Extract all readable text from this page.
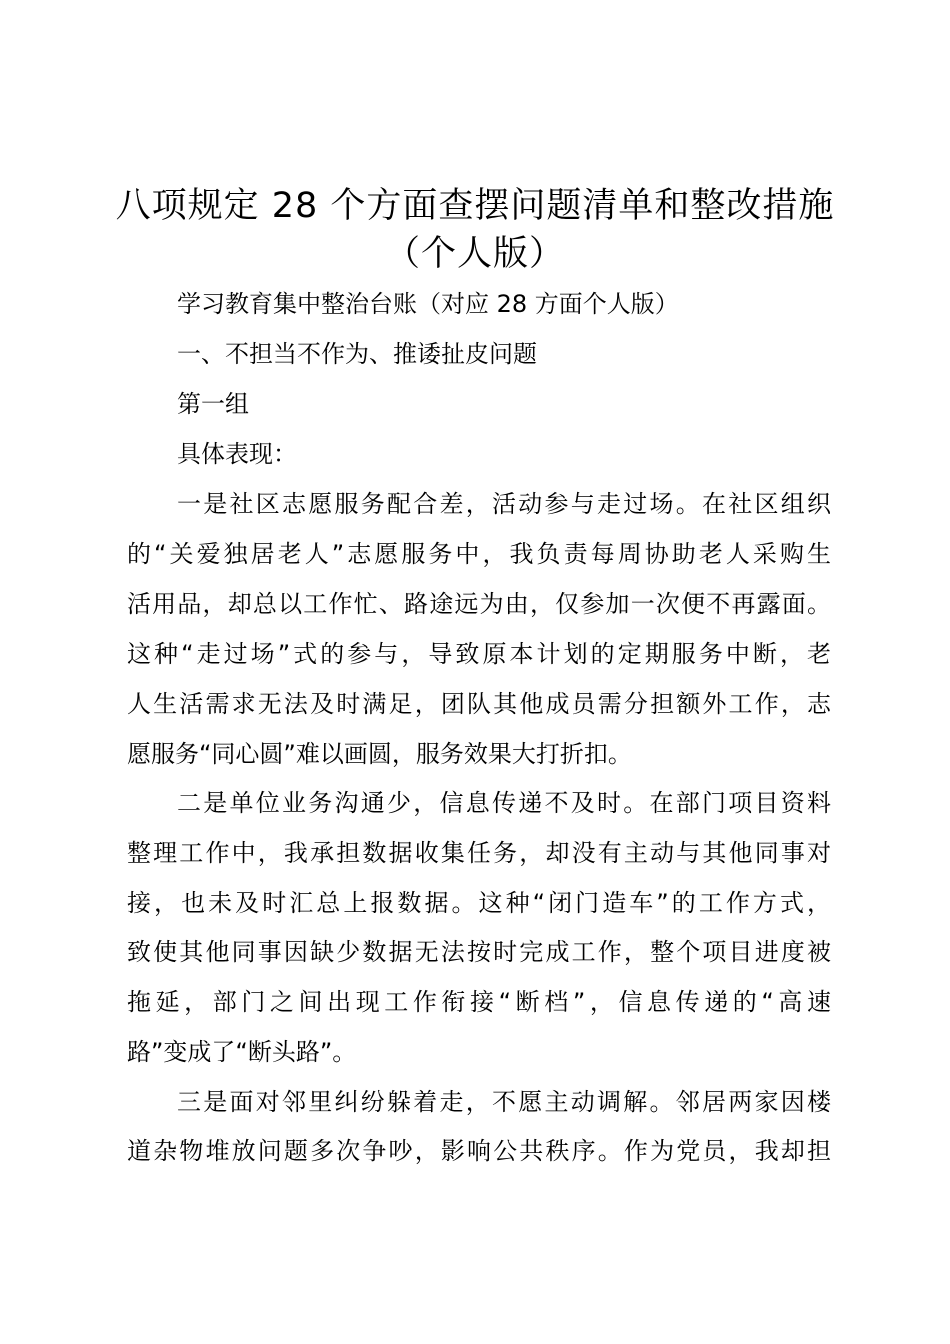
八项规定 28 个方面查摆问题清单和整改措施
（个人版）
学习教育集中整治台账（对应 28 方面个人版）
一、不担当不作为、推诿扯皮问题
第一组
具体表现：
一是社区志愿服务配合差，活动参与走过场。在社区组织
的“关爱独居老人”志愿服务中，我负责每周协助老人采购生
活用品，却总以工作忙、路途远为由，仅参加一次便不再露面。
这种“走过场”式的参与，导致原本计划的定期服务中断，老
人生活需求无法及时满足，团队其他成员需分担额外工作，志
愿服务“同心圆”难以画圆，服务效果大打折扣。
二是单位业务沟通少，信息传递不及时。在部门项目资料
整理工作中，我承担数据收集任务，却没有主动与其他同事对
接，也未及时汇总上报数据。这种“闭门造车”的工作方式，
致使其他同事因缺少数据无法按时完成工作，整个项目进度被
拖延，部门之间出现工作衔接“断档”，信息传递的“高速
路”变成了“断头路”。
三是面对邻里纠纷躲着走，不愿主动调解。邻居两家因楼
道杂物堆放问题多次争吵，影响公共秩序。作为党员，我却担
